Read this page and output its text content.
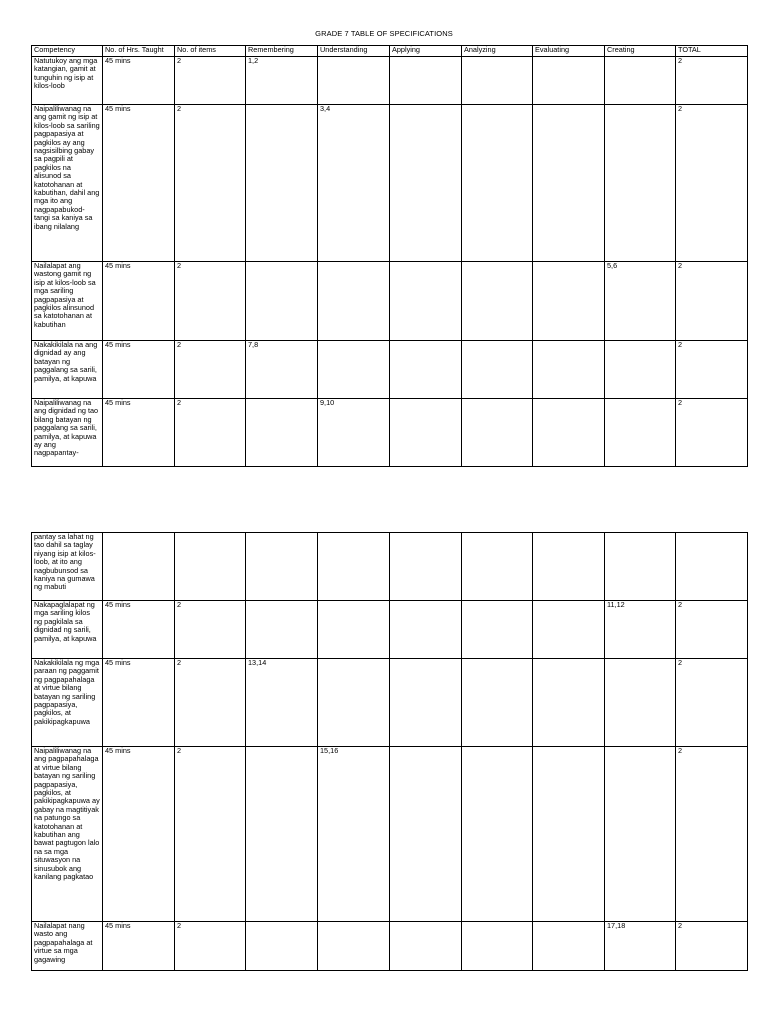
GRADE 7 TABLE OF SPECIFICATIONS
Competency	No. of Hrs. Taught	No. of items	Remembering	Understanding	Applying	Analyzing	Evaluating	Creating	TOTAL
Natutukoy ang mga katangian, gamit at tunguhin ng isip at kilos-loob	45 mins	2	1,2						2
Naipaliliwanag na ang gamit ng isip at kilos-loob sa sariling pagpapasiya at pagkilos ay ang nagsisilbing gabay sa pagpili at pagkilos na alisunod sa katotohanan at kabutihan, dahil ang mga ito ang nagpapabukod-tangi sa kaniya sa ibang nilalang	45 mins	2		3,4					2
Nailalapat ang wastong gamit ng isip at kilos-loob sa mga sariling pagpapasiya at pagkilos alinsunod sa katotohanan at kabutihan	45 mins	2						5,6	2
Nakakikilala na ang dignidad ay ang batayan ng paggalang sa sarili, pamilya, at kapuwa	45 mins	2	7,8						2
Naipaliliwanag na ang dignidad ng tao bilang batayan ng paggalang sa sarili, pamilya, at kapuwa ay ang nagpapantay-	45 mins	2		9,10					2
pantay sa lahat ng tao dahil sa taglay niyang isip at kilos-loob, at ito ang nagbubunsod sa kaniya na gumawa ng mabuti									
Nakapaglalapat ng mga sariling kilos ng pagkilala sa dignidad ng sarili, pamilya, at kapuwa	45 mins	2						11,12	2
Nakakikilala ng mga paraan ng paggamit ng pagpapahalaga at virtue bilang batayan ng sariling pagpapasiya, pagkilos, at pakikipagkapuwa	45 mins	2	13,14						2
Naipaliliwanag na ang pagpapahalaga at virtue bilang batayan ng sariling pagpapasiya, pagkilos, at pakikipagkapuwa ay gabay na magtitiyak na patungo sa katotohanan at kabutihan ang bawat pagtugon lalo na sa mga situwasyon na sinusubok ang kanilang pagkatao	45 mins	2		15,16					2
Nailalapat nang wasto ang pagpapahalaga at virtue sa mga gagawing	45 mins	2						17,18	2
